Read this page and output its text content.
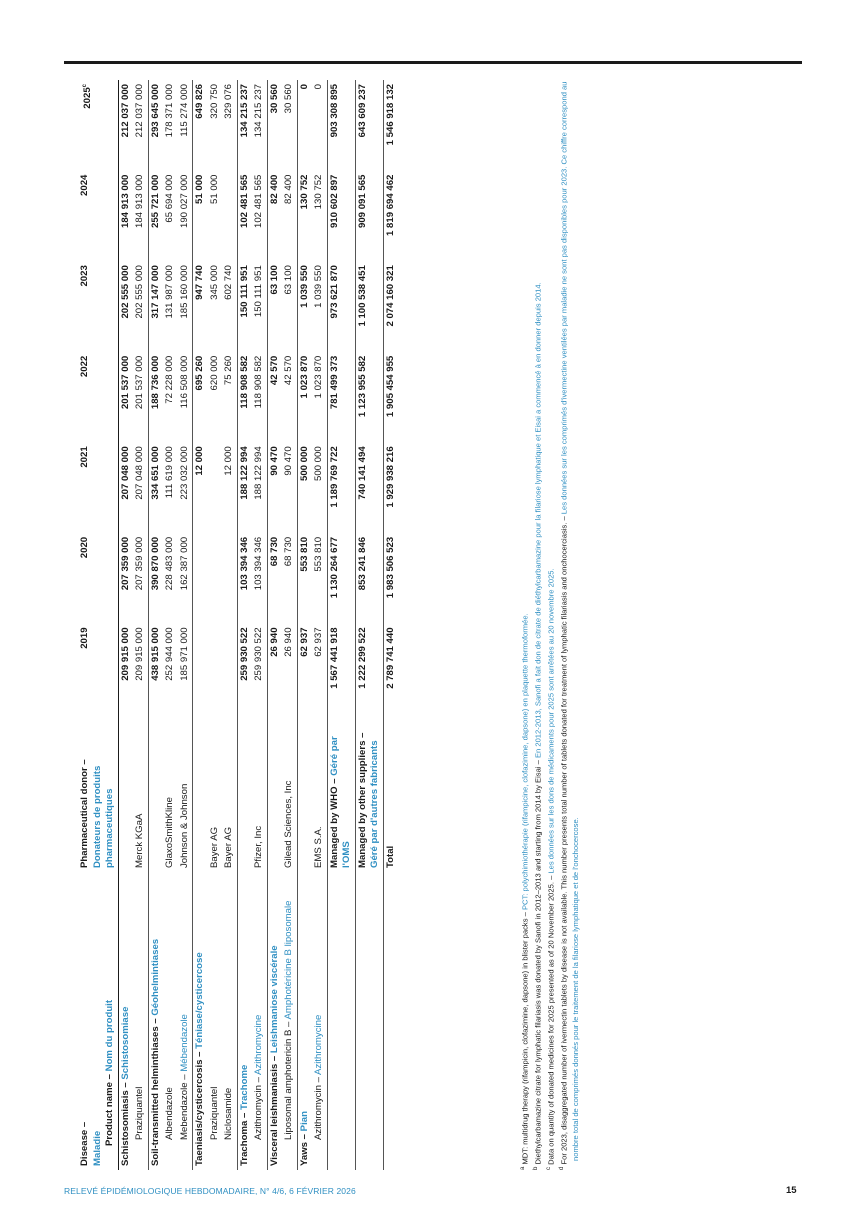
Disease – Maladie
Product name – Nom du produit	Pharmaceutical donor – Donateurs de produits pharmaceutiques	2019	2020	2021	2022	2023	2024	2025$^c$

Schistosomiasis – Schistosomiase		209 915 000	207 359 000	207 048 000	201 537 000	202 555 000	184 913 000	212 037 000
Praziquantel	Merck KGaA	209 915 000	207 359 000	207 048 000	201 537 000	202 555 000	184 913 000	212 037 000

Soil-transmitted helminthiases – Géohelmintiases		438 915 000	390 870 000	334 651 000	188 736 000	317 147 000	255 721 000	293 645 000
Albendazole	GlaxoSmithKline	252 944 000	228 483 000	111 619 000	72 228 000	131 987 000	65 694 000	178 371 000
Mebendazole – Mébendazole	Johnson & Johnson	185 971 000	162 387 000	223 032 000	116 508 000	185 160 000	190 027 000	115 274 000

Taeniasis/cysticercosis – Téniase/cysticercose				12 000	695 260	947 740	51 000	649 826
Praziquantel	Bayer AG				620 000	345 000	51 000	320 750
Niclosamide	Bayer AG			12 000	75 260	602 740		329 076

Trachoma – Trachome		259 930 522	103 394 346	188 122 994	118 908 582	150 111 951	102 481 565	134 215 237
Azithromycin – Azithromycine	Pfizer, Inc	259 930 522	103 394 346	188 122 994	118 908 582	150 111 951	102 481 565	134 215 237

Visceral leishmaniasis – Leishmaniose viscérale		26 940	68 730	90 470	42 570	63 100	82 400	30 560
Liposomal amphotericin B – Amphotéricine B liposomale	Gilead Sciences, Inc	26 940	68 730	90 470	42 570	63 100	82 400	30 560

Yaws – Pian		62 937	553 810	500 000	1 023 870	1 039 550	130 752	0
Azithromycin – Azithromycine	EMS S.A.	62 937	553 810	500 000	1 023 870	1 039 550	130 752	0

	Managed by WHO – Géré par l'OMS	1 567 441 918	1 130 264 677	1 189 769 722	781 499 373	973 621 870	910 602 897	903 308 895

	Managed by other suppliers – Géré par d'autres fabricants	1 222 299 522	853 241 846	740 141 494	1 123 955 582	1 100 538 451	909 091 565	643 609 237

	Total	2 789 741 440	1 983 506 523	1 929 938 216	1 905 454 955	2 074 160 321	1 819 694 462	1 546 918 132

$^a$ MDT: multidrug therapy (rifampicin, clofazimine, dapsone) in blister packs – PCT: polychimiothérapie (rifampicine, clofazimine, dapsone) en plaquette thermoformée.

$^b$ Diethylcarbamazine citrate for lymphatic filariasis was donated by Sanofi in 2012–2013 and starting from 2014 by Eisai – En 2012-2013, Sanofi a fait don de citrate de diéthylcarbamazine pour la filariose lymphatique et Eisai a commencé à en donner depuis 2014.

$^c$ Data on quantity of donated medicines for 2025 presented as of 20 November 2025. – Les données sur les dons de médicaments pour 2025 sont arrêtées au 20 novembre 2025.

$^d$ For 2023, disaggregated number of ivermectin tablets by disease is not available. This number presents total number of tablets donated for treatment of lymphatic filariasis and onchocerciasis. – Les données sur les comprimés d'ivermectine ventilées par maladie ne sont pas disponibles pour 2023. Ce chiffre correspond au nombre total de comprimés donnés pour le traitement de la filariose lymphatique et de l'onchocercose.

RELEVÉ ÉPIDÉMIOLOGIQUE HEBDOMADAIRE, N° 4/6, 6 FÉVRIER 2026	15
